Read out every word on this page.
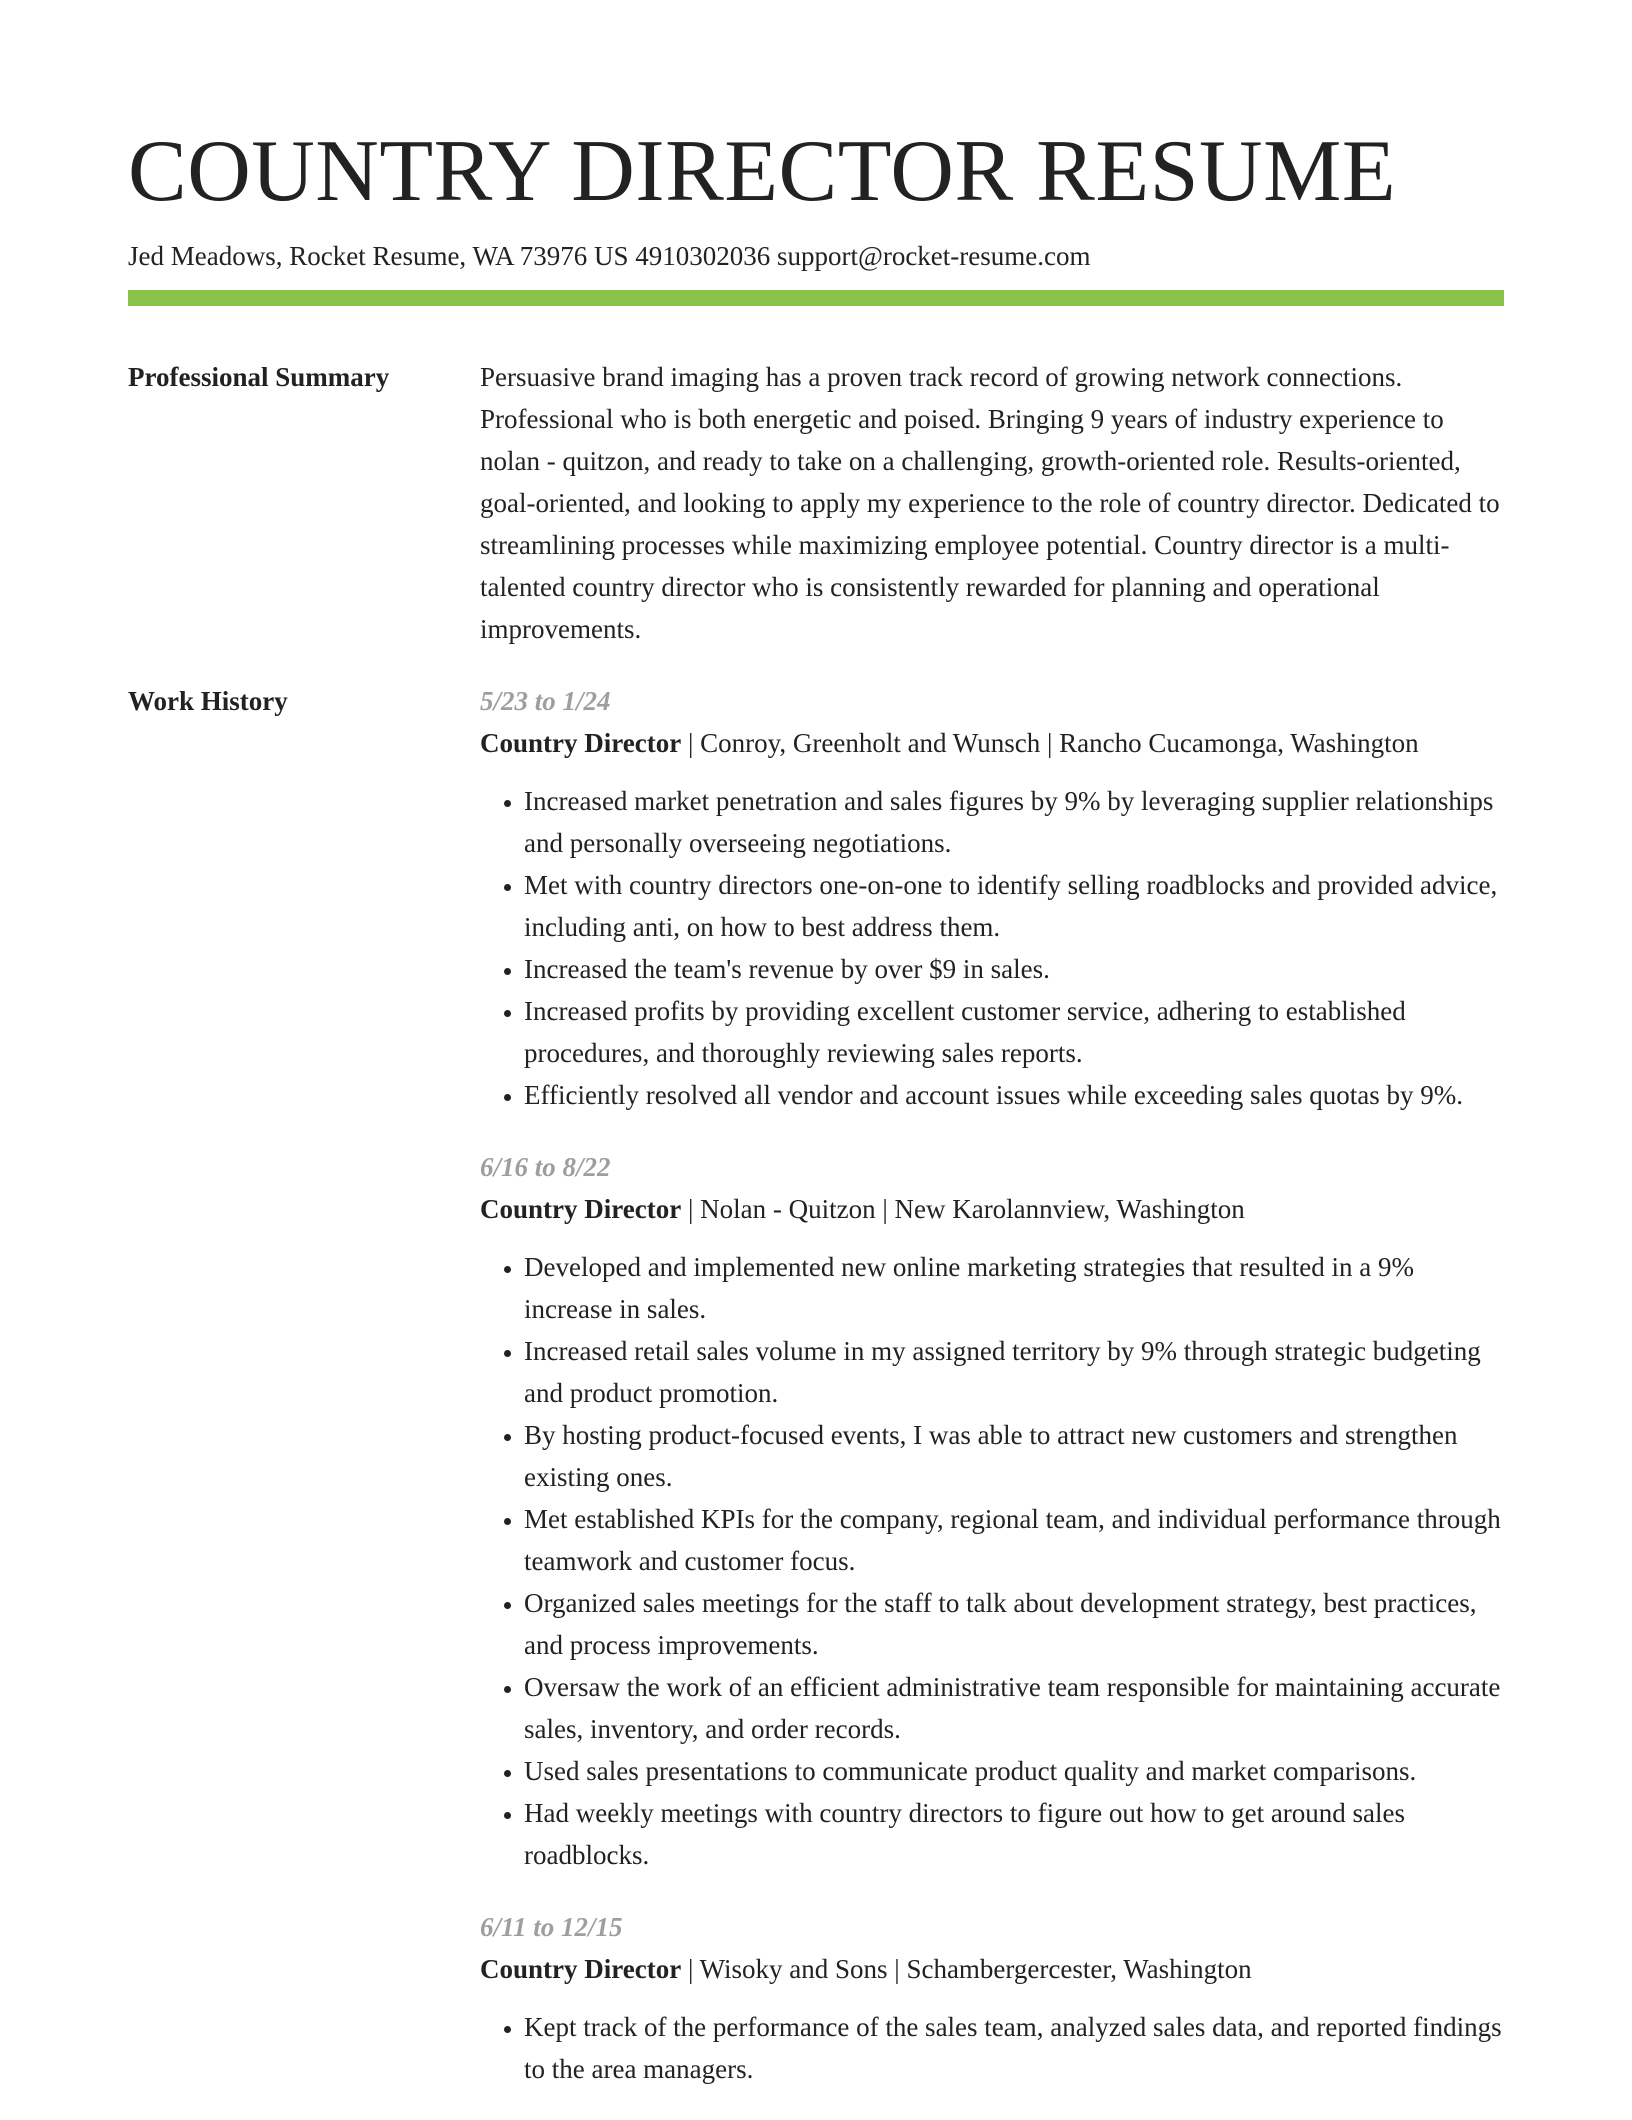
COUNTRY DIRECTOR RESUME
Jed Meadows, Rocket Resume, WA 73976 US 4910302036 support@rocket-resume.com
Professional Summary	Persuasive brand imaging has a proven track record of growing network connections. Professional who is both energetic and poised. Bringing 9 years of industry experience to nolan - quitzon, and ready to take on a challenging, growth-oriented role. Results-oriented, goal-oriented, and looking to apply my experience to the role of country director. Dedicated to streamlining processes while maximizing employee potential. Country director is a multi-talented country director who is consistently rewarded for planning and operational improvements.

Work History	5/23 to 1/24
Country Director | Conroy, Greenholt and Wunsch | Rancho Cucamonga, Washington
• Increased market penetration and sales figures by 9% by leveraging supplier relationships and personally overseeing negotiations.
• Met with country directors one-on-one to identify selling roadblocks and provided advice, including anti, on how to best address them.
• Increased the team's revenue by over $9 in sales.
• Increased profits by providing excellent customer service, adhering to established procedures, and thoroughly reviewing sales reports.
• Efficiently resolved all vendor and account issues while exceeding sales quotas by 9%.
6/16 to 8/22
Country Director | Nolan - Quitzon | New Karolannview, Washington
• Developed and implemented new online marketing strategies that resulted in a 9% increase in sales.
• Increased retail sales volume in my assigned territory by 9% through strategic budgeting and product promotion.
• By hosting product-focused events, I was able to attract new customers and strengthen existing ones.
• Met established KPIs for the company, regional team, and individual performance through teamwork and customer focus.
• Organized sales meetings for the staff to talk about development strategy, best practices, and process improvements.
• Oversaw the work of an efficient administrative team responsible for maintaining accurate sales, inventory, and order records.
• Used sales presentations to communicate product quality and market comparisons.
• Had weekly meetings with country directors to figure out how to get around sales roadblocks.
6/11 to 12/15
Country Director | Wisoky and Sons | Schambergercester, Washington
• Kept track of the performance of the sales team, analyzed sales data, and reported findings to the area managers.
